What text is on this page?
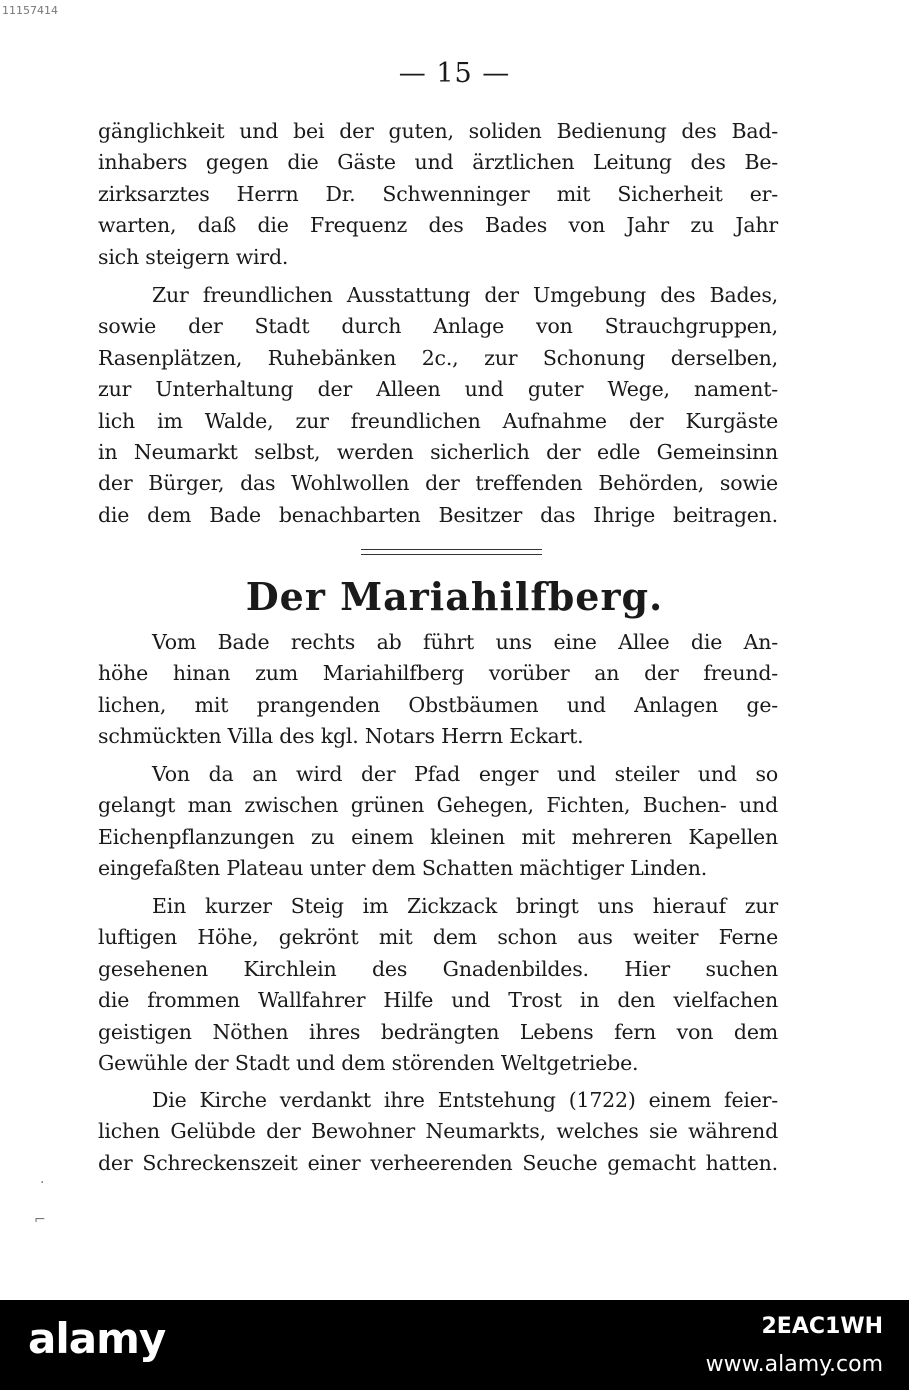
11157414
— 15 —
gänglichkeit und bei der guten, soliden Bedienung des Bad-
inhabers gegen die Gäste und ärztlichen Leitung des Be-
zirksarztes Herrn Dr. Schwenninger mit Sicherheit er-
warten, daß die Frequenz des Bades von Jahr zu Jahr
sich steigern wird.
Zur freundlichen Ausstattung der Umgebung des Bades,
sowie der Stadt durch Anlage von Strauchgruppen,
Rasenplätzen, Ruhebänken 2c., zur Schonung derselben,
zur Unterhaltung der Alleen und guter Wege, nament-
lich im Walde, zur freundlichen Aufnahme der Kurgäste
in Neumarkt selbst, werden sicherlich der edle Gemeinsinn
der Bürger, das Wohlwollen der treffenden Behörden, sowie
die dem Bade benachbarten Besitzer das Ihrige beitragen.
Der Mariahilfberg.
Vom Bade rechts ab führt uns eine Allee die An-
höhe hinan zum Mariahilfberg vorüber an der freund-
lichen, mit prangenden Obstbäumen und Anlagen ge-
schmückten Villa des kgl. Notars Herrn Eckart.
Von da an wird der Pfad enger und steiler und so
gelangt man zwischen grünen Gehegen, Fichten, Buchen- und
Eichenpflanzungen zu einem kleinen mit mehreren Kapellen
eingefaßten Plateau unter dem Schatten mächtiger Linden.
Ein kurzer Steig im Zickzack bringt uns hierauf zur
luftigen Höhe, gekrönt mit dem schon aus weiter Ferne
gesehenen Kirchlein des Gnadenbildes. Hier suchen
die frommen Wallfahrer Hilfe und Trost in den vielfachen
geistigen Nöthen ihres bedrängten Lebens fern von dem
Gewühle der Stadt und dem störenden Weltgetriebe.
Die Kirche verdankt ihre Entstehung (1722) einem feier-
lichen Gelübde der Bewohner Neumarkts, welches sie während
der Schreckenszeit einer verheerenden Seuche gemacht hatten.
·
⌐
alamy	2EAC1WH
www.alamy.com
